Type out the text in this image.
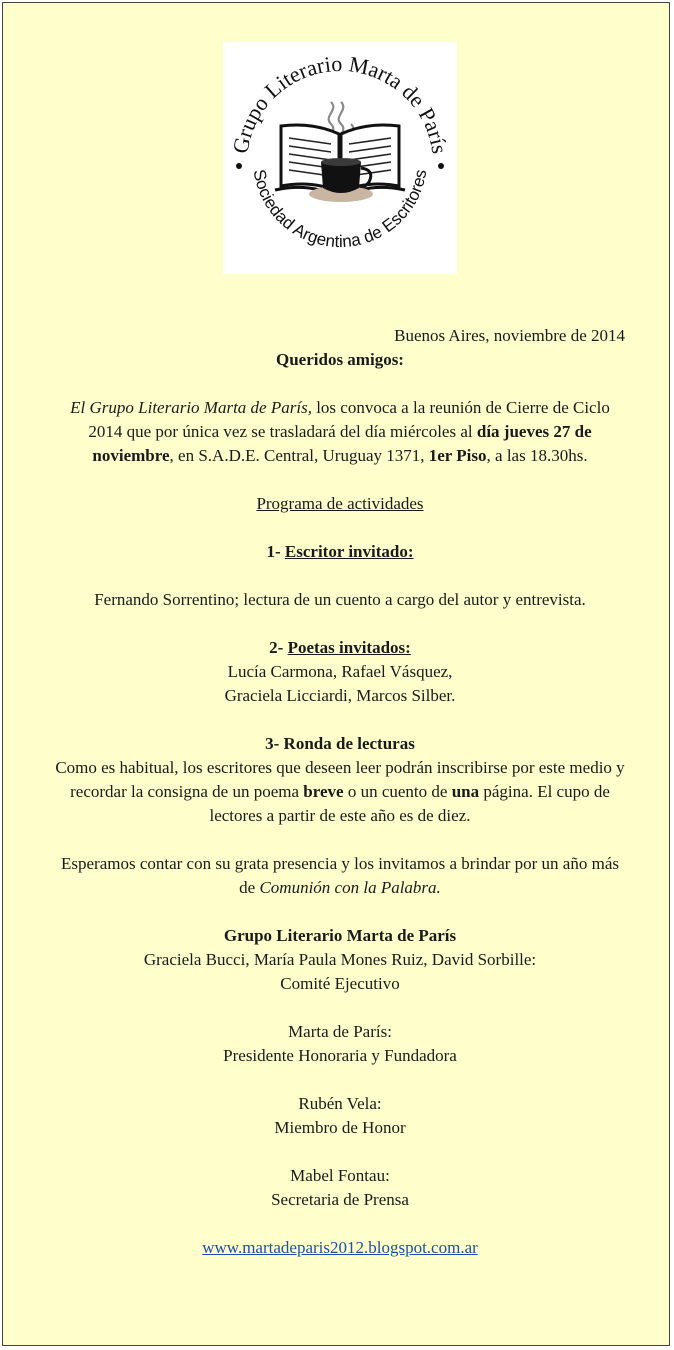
Grupo Literario Marta de París
Sociedad Argentina de Escritores

Buenos Aires, noviembre de 2014

Queridos amigos:

El Grupo Literario Marta de París, los convoca a la reunión de Cierre de Ciclo 2014 que por única vez se trasladará del día miércoles al día jueves 27 de noviembre, en S.A.D.E. Central, Uruguay 1371, 1er Piso, a las 18.30hs.

Programa de actividades

1- Escritor invitado:

Fernando Sorrentino; lectura de un cuento a cargo del autor y entrevista.

2- Poetas invitados:

Lucía Carmona, Rafael Vásquez,

Graciela Licciardi, Marcos Silber.

3- Ronda de lecturas

Como es habitual, los escritores que deseen leer podrán inscribirse por este medio y recordar la consigna de un poema breve o un cuento de una página. El cupo de lectores a partir de este año es de diez.

Esperamos contar con su grata presencia y los invitamos a brindar por un año más de Comunión con la Palabra.

Grupo Literario Marta de París

Graciela Bucci, María Paula Mones Ruiz, David Sorbille:

Comité Ejecutivo

Marta de París:

Presidente Honoraria y Fundadora

Rubén Vela:

Miembro de Honor

Mabel Fontau:

Secretaria de Prensa

www.martadeparis2012.blogspot.com.ar
